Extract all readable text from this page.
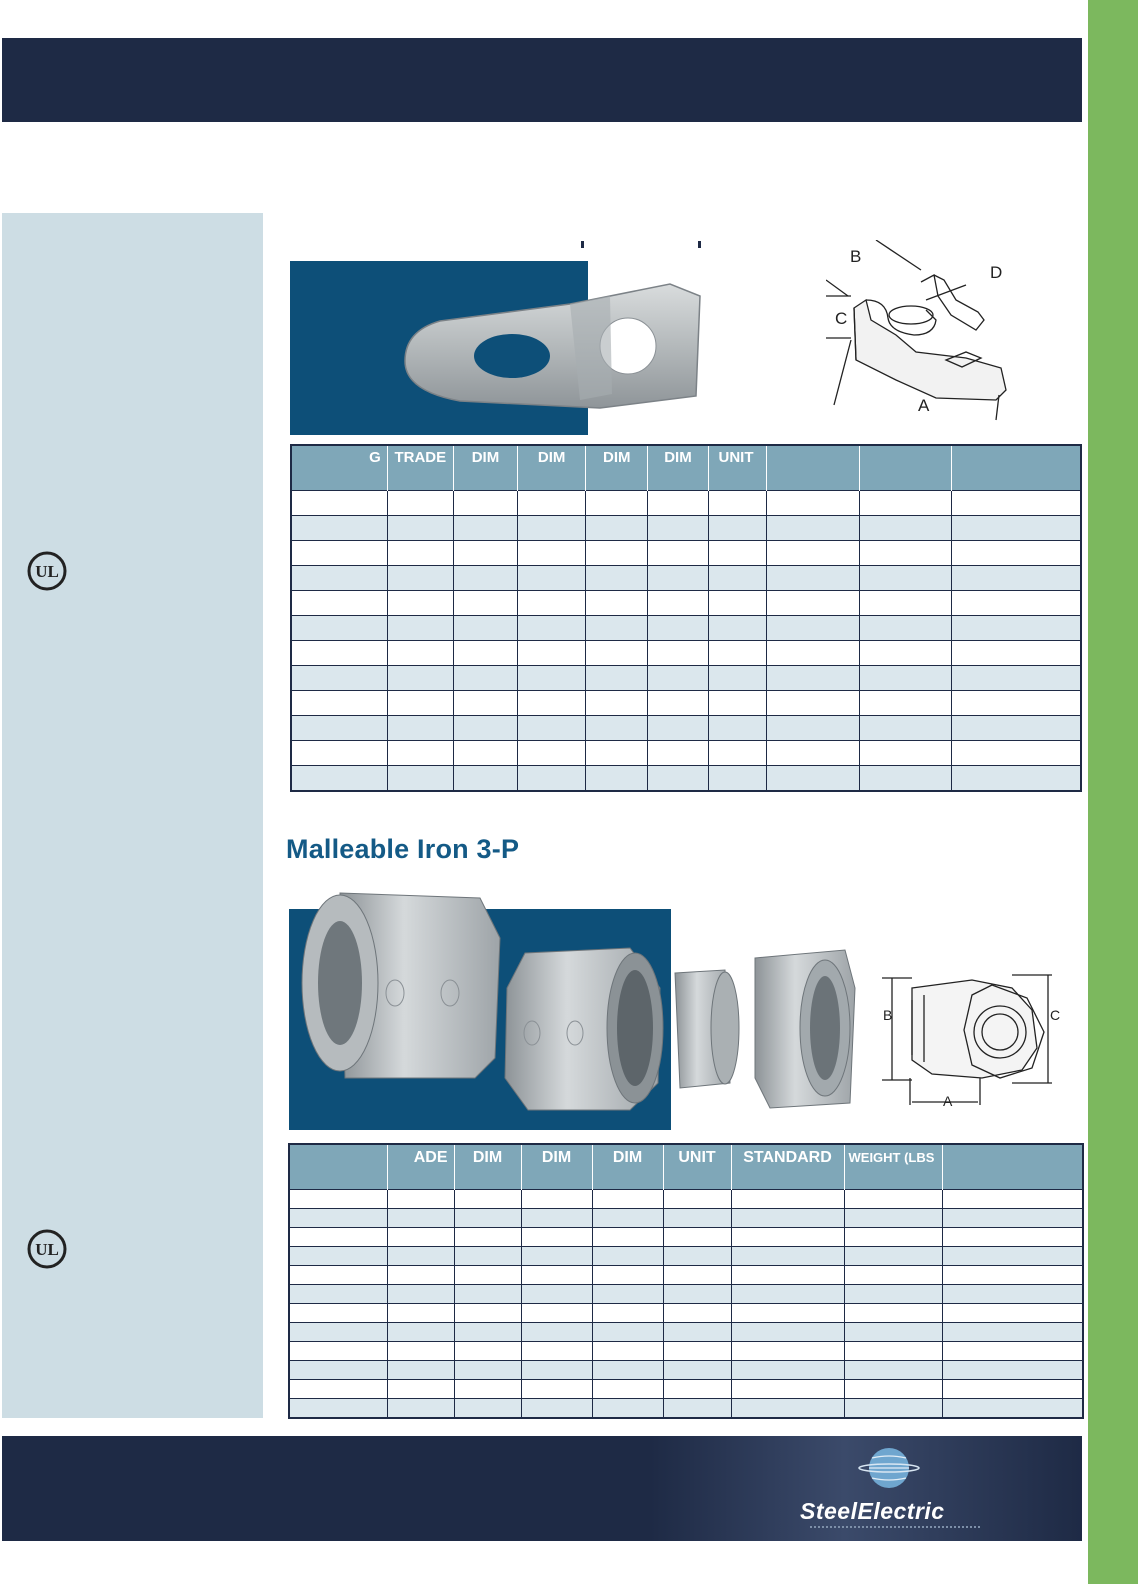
UL
UL
B
D
C
A
G	TRADE	DIM	DIM	DIM	DIM	UNIT			

Malleable Iron 3-P
B	C
A
	ADE	DIM	DIM	DIM	UNIT	STANDARD	WEIGHT (LBS	

SteelElectric
